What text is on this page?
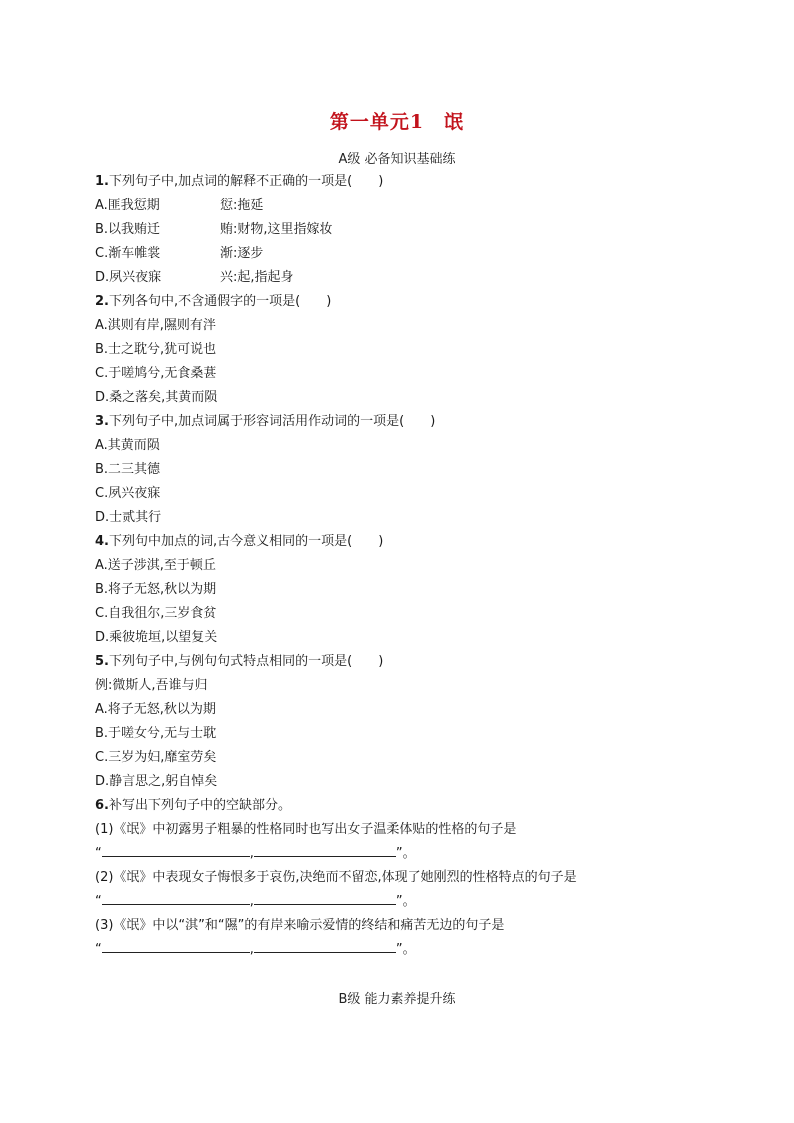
第一单元1　氓
A级 必备知识基础练
1.下列句子中,加点词的解释不正确的一项是(　　)
A.匪我愆期	愆:拖延
B.以我贿迁	贿:财物,这里指嫁妆
C.渐车帷裳	渐:逐步
D.夙兴夜寐	兴:起,指起身
2.下列各句中,不含通假字的一项是(　　)
A.淇则有岸,隰则有泮
B.士之耽兮,犹可说也
C.于嗟鸠兮,无食桑葚
D.桑之落矣,其黄而陨
3.下列句子中,加点词属于形容词活用作动词的一项是(　　)
A.其黄而陨
B.二三其德
C.夙兴夜寐
D.士贰其行
4.下列句中加点的词,古今意义相同的一项是(　　)
A.送子涉淇,至于顿丘
B.将子无怒,秋以为期
C.自我徂尔,三岁食贫
D.乘彼垝垣,以望复关
5.下列句子中,与例句句式特点相同的一项是(　　)
例:微斯人,吾谁与归
A.将子无怒,秋以为期
B.于嗟女兮,无与士耽
C.三岁为妇,靡室劳矣
D.静言思之,躬自悼矣
6.补写出下列句子中的空缺部分。
(1)《氓》中初露男子粗暴的性格同时也写出女子温柔体贴的性格的句子是
“	,	”。
(2)《氓》中表现女子悔恨多于哀伤,决绝而不留恋,体现了她刚烈的性格特点的句子是
“	,	”。
(3)《氓》中以“淇”和“隰”的有岸来喻示爱情的终结和痛苦无边的句子是
“	,	”。
B级 能力素养提升练
